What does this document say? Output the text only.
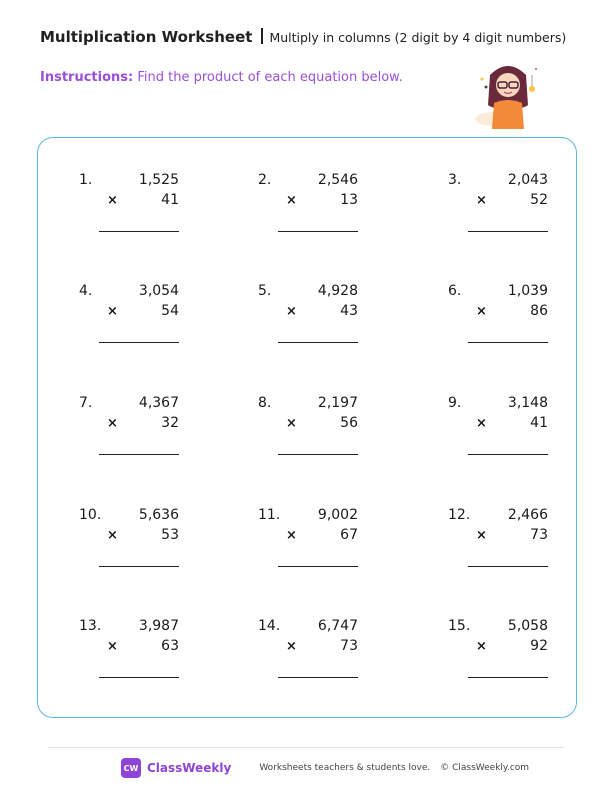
Multiplication Worksheet Multiply in columns (2 digit by 4 digit numbers)
Instructions: Find the product of each equation below.
1.	1,525
×	41
2.	2,546
×	13
3.	2,043
×	52
4.	3,054
×	54
5.	4,928
×	43
6.	1,039
×	86
7.	4,367
×	32
8.	2,197
×	56
9.	3,148
×	41
10.	5,636
×	53
11.	9,002
×	67
12.	2,466
×	73
13.	3,987
×	63
14.	6,747
×	73
15.	5,058
×	92
CW ClassWeekly	Worksheets teachers & students love. © ClassWeekly.com
